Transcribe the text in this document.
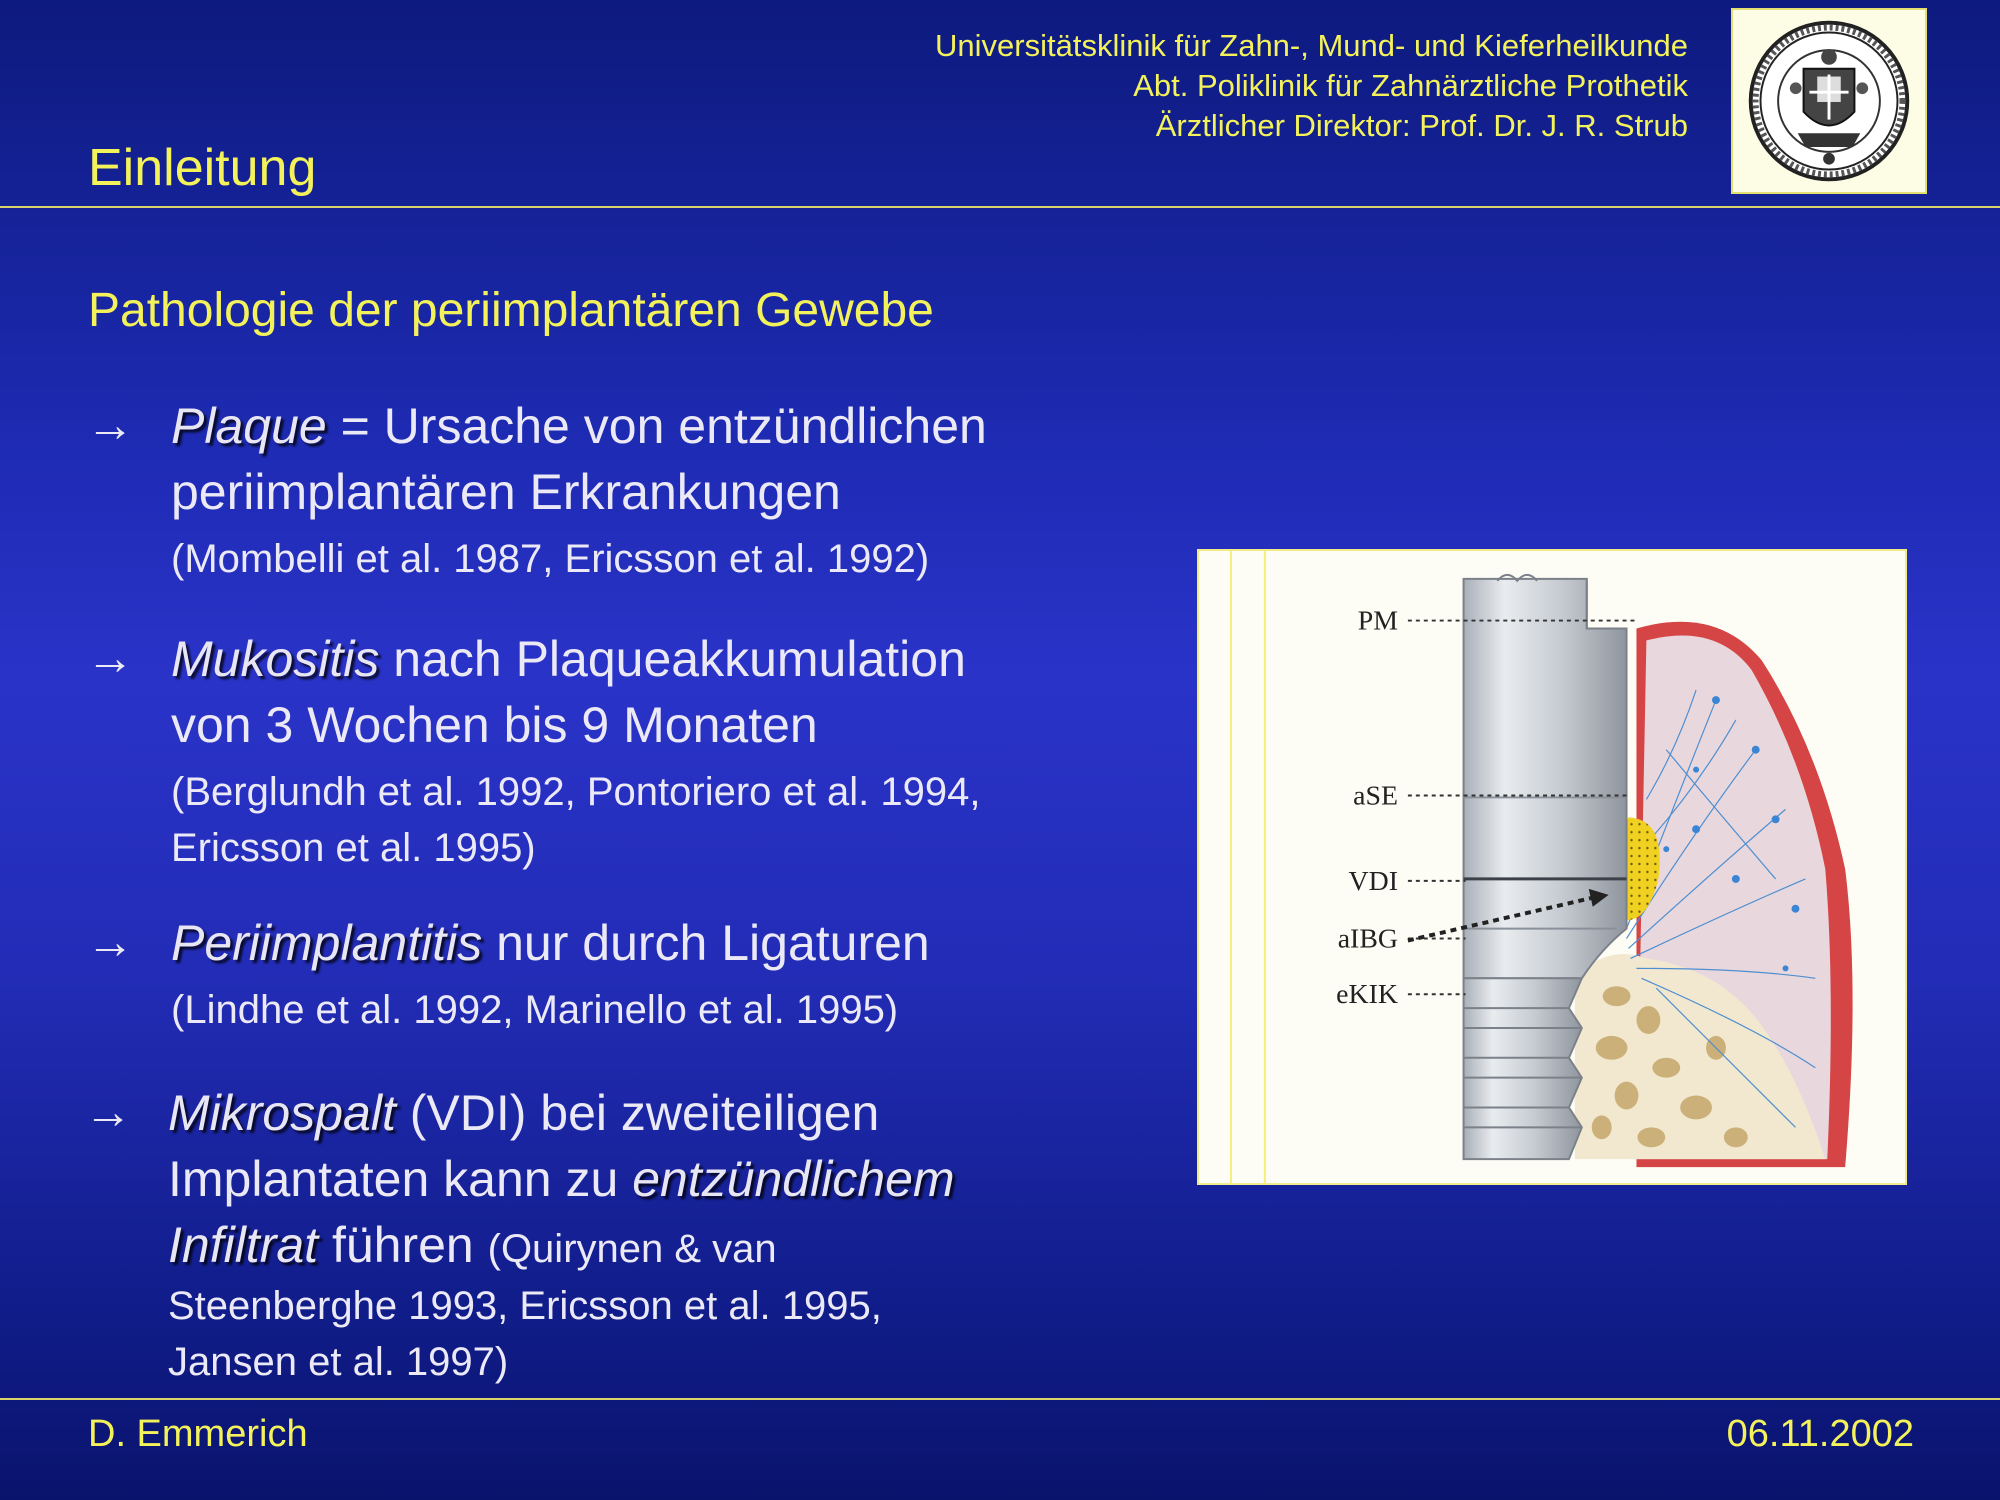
Universitätsklinik für Zahn-, Mund- und Kieferheilkunde
Abt. Poliklinik für Zahnärztliche Prothetik
Ärztlicher Direktor: Prof. Dr. J. R. Strub
Einleitung
Pathologie der periimplantären Gewebe
→ Plaque = Ursache von entzündlichen
periimplantären Erkrankungen
(Mombelli et al. 1987, Ericsson et al. 1992)
→ Mukositis nach Plaqueakkumulation
von 3 Wochen bis 9 Monaten
(Berglundh et al. 1992, Pontoriero et al. 1994,
Ericsson et al. 1995)
→ Periimplantitis nur durch Ligaturen
(Lindhe et al. 1992, Marinello et al. 1995)
→ Mikrospalt (VDI) bei zweiteiligen
Implantaten kann zu entzündlichem
Infiltrat führen (Quirynen & van
Steenberghe 1993, Ericsson et al. 1995,
Jansen et al. 1997)
PM
aSE
VDI
aIBG
eKIK
D. Emmerich	06.11.2002
